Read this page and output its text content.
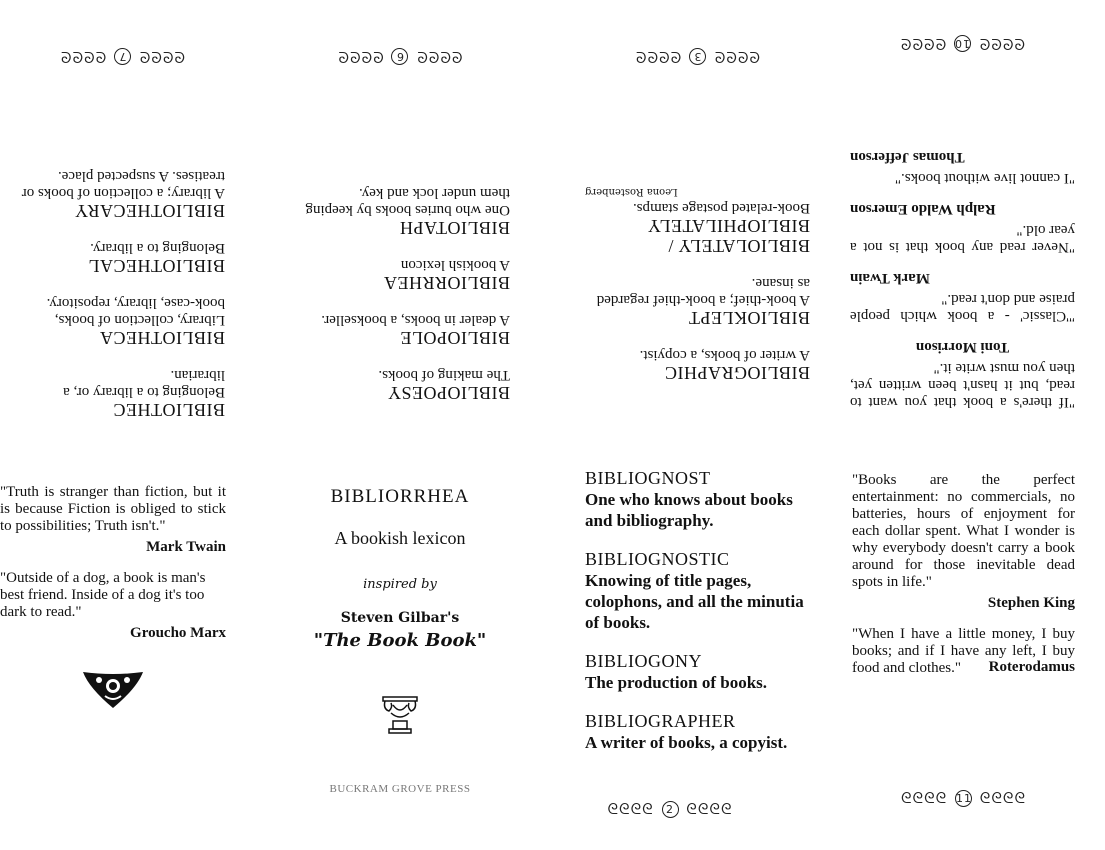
BIBLIOTHEC
Belonging to a library or, a librarian.
BIBLIOTHECA
Library, collection of books, book-case, library, repository.
BIBLIOTHECAL
Belonging to a library.
BIBLIOTHECARY
A library; a collection of books or treatises. A suspected place.
ᘓᘓᘓᘓ 7 ᘓᘓᘓᘓ
BIBLIOPOESY
The making of books.
BIBLIOPOLE
A dealer in books, a bookseller.
BIBLIORRHEA
A bookish lexicon
BIBLIOTAPH
One who buries books by keeping them under lock and key.
ᘓᘓᘓᘓ 6 ᘓᘓᘓᘓ
BIBLIOGRAPHIC
A writer of books, a copyist.
BIBLIOKLEPT
A book-thief; a book-thief regarded as insane.
BIBLIOLATELY / BIBLIOPHILATELY
Book-related postage stamps.
Leona Rostenberg
ᘓᘓᘓᘓ 3 ᘓᘓᘓᘓ
"If there's a book that you want to read, but it hasn't been written yet, then you must write it."
Toni Morrison
"'Classic' - a book which people praise and don't read."
Mark Twain
"Never read any book that is not a year old."
Ralph Waldo Emerson
"I cannot live without books."
Thomas Jefferson
ᘓᘓᘓᘓ 10 ᘓᘓᘓᘓ
"Truth is stranger than fiction, but it is because Fiction is obliged to stick to possibilities; Truth isn't."
Mark Twain
"Outside of a dog, a book is man's best friend. Inside of a dog it's too dark to read."
Groucho Marx
BIBLIORRHEA
A bookish lexicon
inspired by
Steven Gilbar's
"The Book Book"
BUCKRAM GROVE PRESS
BIBLIOGNOST
One who knows about books and bibliography.
BIBLIOGNOSTIC
Knowing of title pages, colophons, and all the minutia of books.
BIBLIOGONY
The production of books.
BIBLIOGRAPHER
A writer of books, a copyist.
ᘓᘓᘓᘓ 2 ᘓᘓᘓᘓ
"Books are the perfect entertainment: no commercials, no batteries, hours of enjoyment for each dollar spent. What I wonder is why everybody doesn't carry a book around for those inevitable dead spots in life."
Stephen King
"When I have a little money, I buy books; and if I have any left, I buy food and clothes."	Roterodamus
ᘓᘓᘓᘓ 11 ᘓᘓᘓᘓ
